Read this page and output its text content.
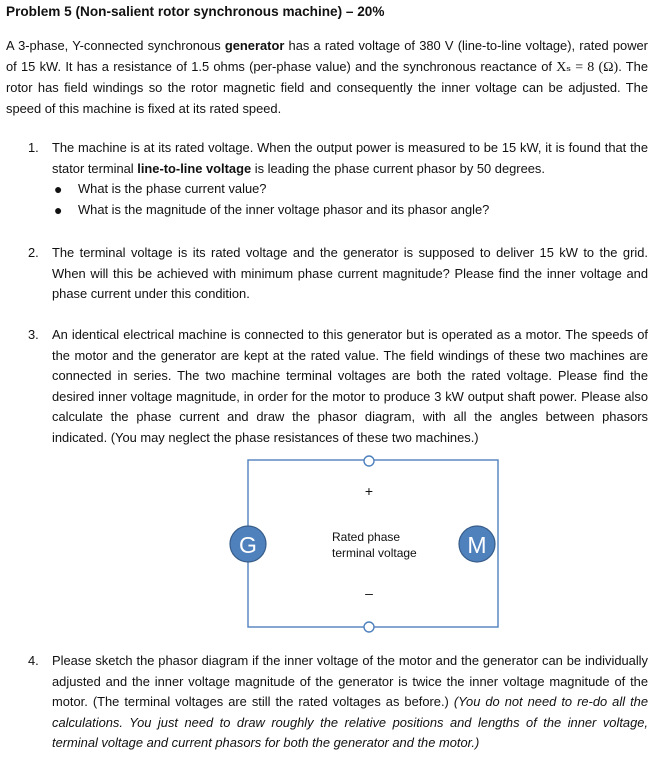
Problem 5 (Non-salient rotor synchronous machine) – 20%
A 3-phase, Y-connected synchronous generator has a rated voltage of 380 V (line-to-line voltage), rated power of 15 kW. It has a resistance of 1.5 ohms (per-phase value) and the synchronous reactance of Xₛ = 8 (Ω). The rotor has field windings so the rotor magnetic field and consequently the inner voltage can be adjusted. The speed of this machine is fixed at its rated speed.
1. The machine is at its rated voltage. When the output power is measured to be 15 kW, it is found that the stator terminal line-to-line voltage is leading the phase current phasor by 50 degrees.
● What is the phase current value?
● What is the magnitude of the inner voltage phasor and its phasor angle?
2. The terminal voltage is its rated voltage and the generator is supposed to deliver 15 kW to the grid. When will this be achieved with minimum phase current magnitude? Please find the inner voltage and phase current under this condition.
3. An identical electrical machine is connected to this generator but is operated as a motor. The speeds of the motor and the generator are kept at the rated value. The field windings of these two machines are connected in series. The two machine terminal voltages are both the rated voltage. Please find the desired inner voltage magnitude, in order for the motor to produce 3 kW output shaft power. Please also calculate the phase current and draw the phasor diagram, with all the angles between phasors indicated. (You may neglect the phase resistances of these two machines.)
G	M
+
–
Rated phase
terminal voltage
4. Please sketch the phasor diagram if the inner voltage of the motor and the generator can be individually adjusted and the inner voltage magnitude of the generator is twice the inner voltage magnitude of the motor. (The terminal voltages are still the rated voltages as before.) (You do not need to re-do all the calculations. You just need to draw roughly the relative positions and lengths of the inner voltage, terminal voltage and current phasors for both the generator and the motor.)
